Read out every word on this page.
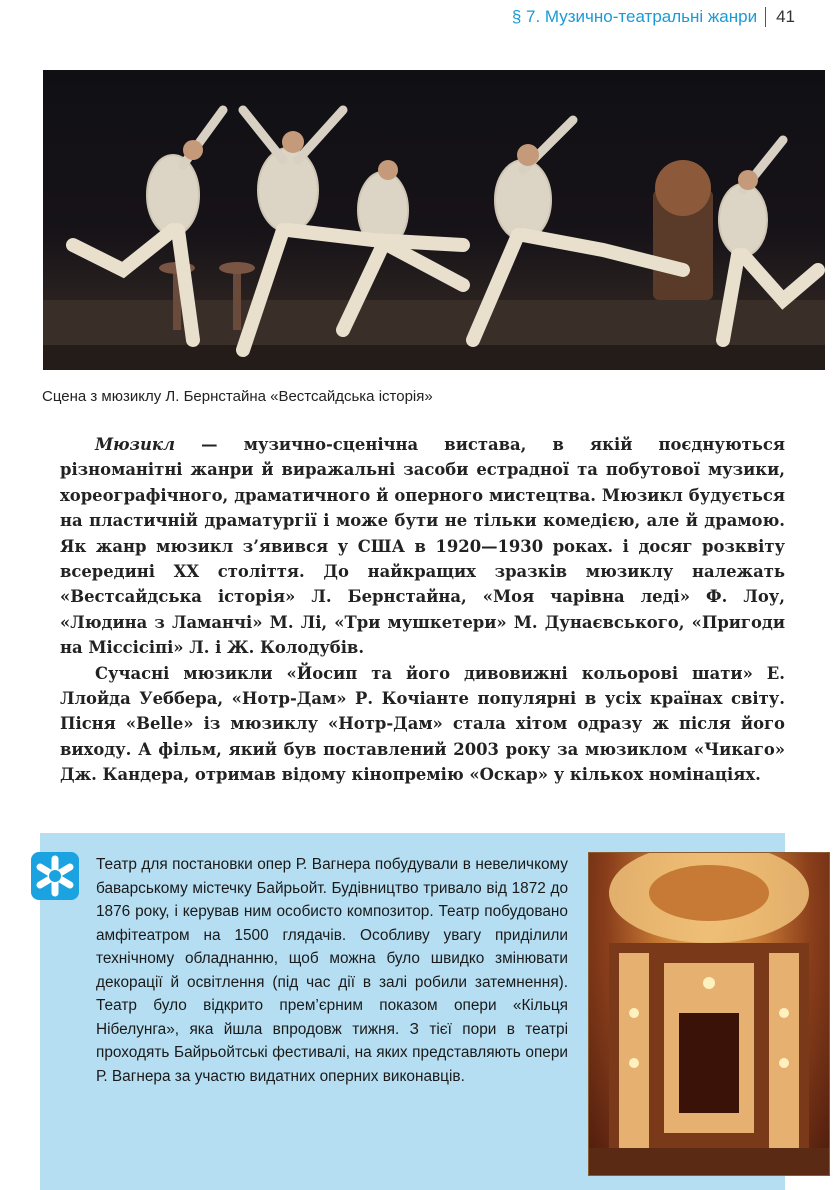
§ 7. Музично-театральні жанри	41
Сцена з мюзиклу Л. Бернстайна «Вестсайдська історія»

Мюзикл — музично-сценічна вистава, в якій поєднуються різноманітні жанри й виражальні засоби естрадної та побутової музики, хореографічного, драматичного й оперного мистецтва. Мюзикл будується на пластичній драматургії і може бути не тільки комедією, але й драмою. Як жанр мюзикл з’явився у США в 1920—1930 роках. і досяг розквіту всередині ХХ століття. До найкращих зразків мюзиклу належать «Вестсайдська історія» Л. Бернстайна, «Моя чарівна леді» Ф. Лоу, «Людина з Ламанчі» М. Лі, «Три мушкетери» М. Дунаєвського, «Пригоди на Міссісіпі» Л. і Ж. Колодубів.

Сучасні мюзикли «Йосип та його дивовижні кольорові шати» Е. Ллойда Уеббера, «Нотр-Дам» Р. Кочіанте популярні в усіх країнах світу. Пісня «Belle» із мюзиклу «Нотр-Дам» стала хітом одразу ж після його виходу. А фільм, який був поставлений 2003 року за мюзиклом «Чикаго» Дж. Кандера, отримав відому кінопремію «Оскар» у кількох номінаціях.

Театр для постановки опер Р. Вагнера побудували в невеличкому баварському містечку Байрьойт. Будівництво тривало від 1872 до 1876 року, і керував ним особисто композитор. Театр побудовано амфітеатром на 1500 глядачів. Особливу увагу приділили технічному обладнанню, щоб можна було швидко змінювати декорації й освітлення (під час дії в залі робили затемнення). Театр було відкрито прем’єрним показом опери «Кільця Нібелунга», яка йшла впродовж тижня. З тієї пори в театрі проходять Байрьойтські фестивалі, на яких представляють опери Р. Вагнера за участю видатних оперних виконавців.
